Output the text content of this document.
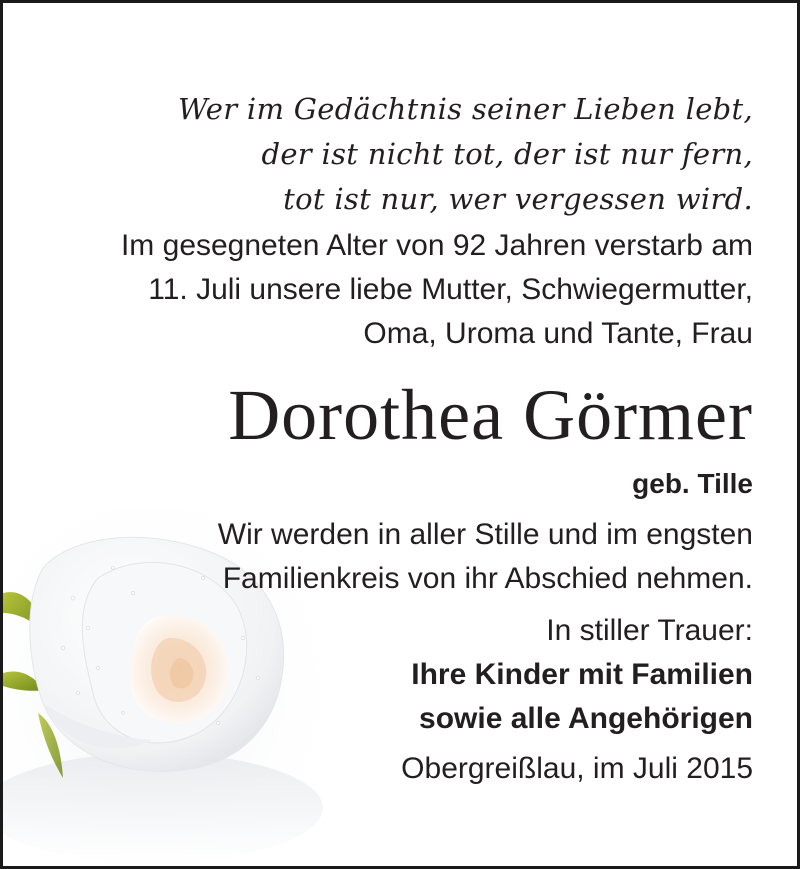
Wer im Gedächtnis seiner Lieben lebt,
der ist nicht tot, der ist nur fern,
tot ist nur, wer vergessen wird.
Im gesegneten Alter von 92 Jahren verstarb am
11. Juli unsere liebe Mutter, Schwiegermutter,
Oma, Uroma und Tante, Frau
Dorothea Görmer
geb. Tille
Wir werden in aller Stille und im engsten
Familienkreis von ihr Abschied nehmen.
In stiller Trauer:
Ihre Kinder mit Familien
sowie alle Angehörigen
Obergreißlau, im Juli 2015
